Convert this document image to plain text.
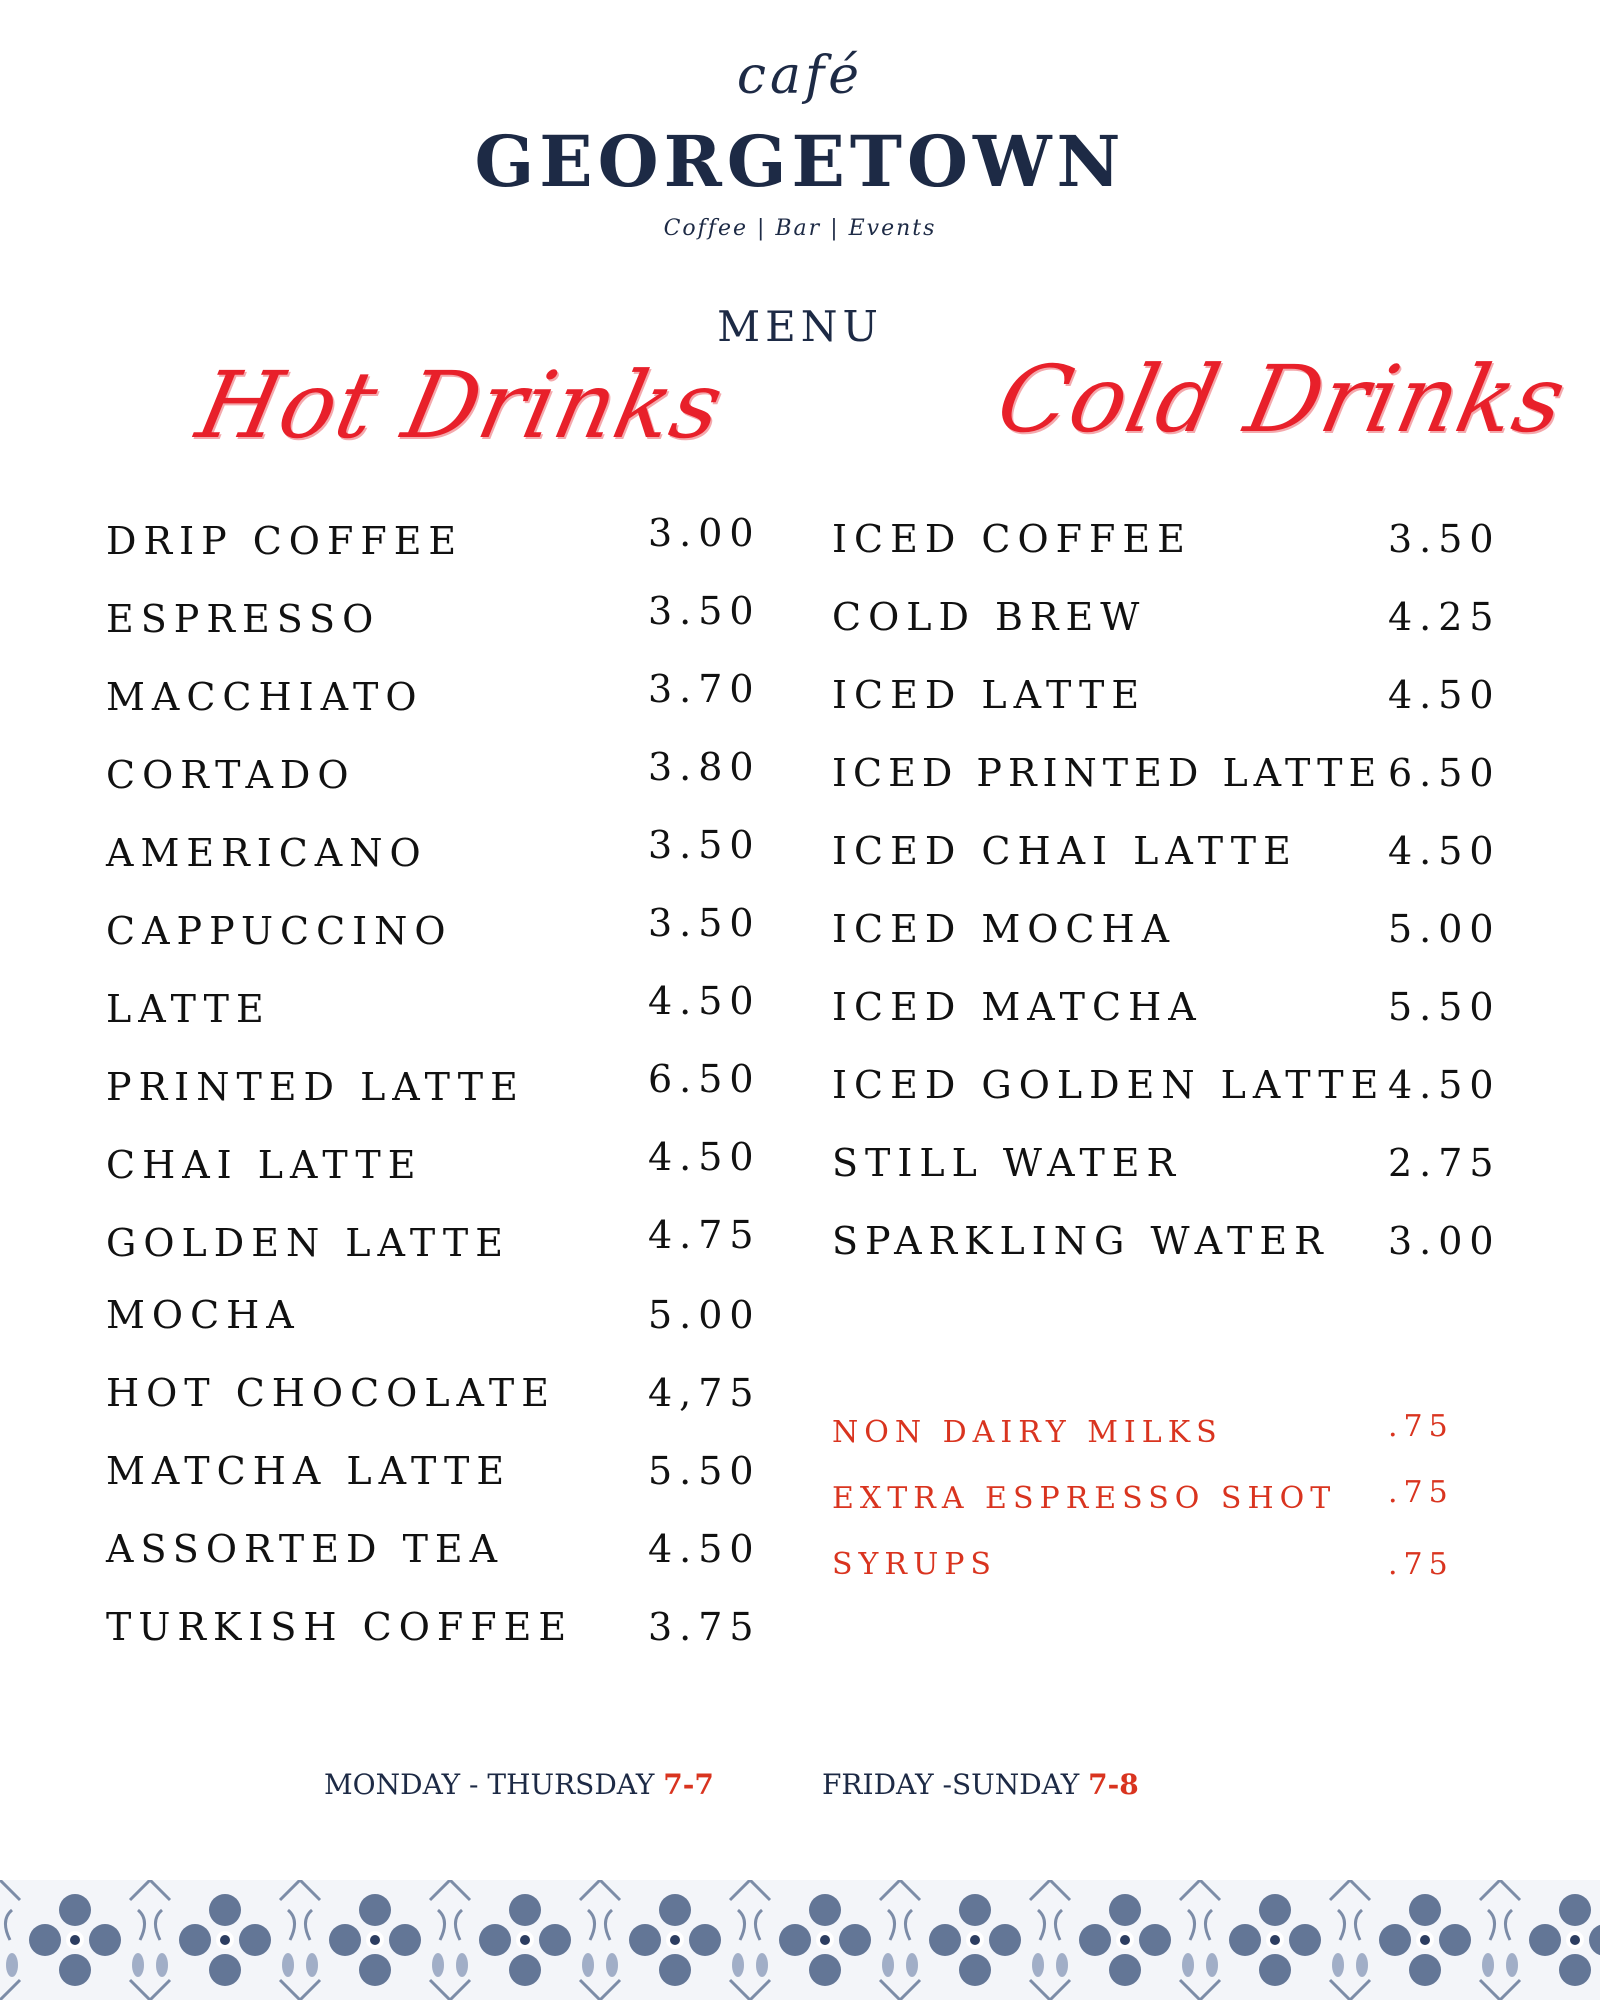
café
GEORGETOWN
Coffee | Bar | Events
MENU
Hot Drinks	Cold Drinks
DRIP COFFEE	3.00
ESPRESSO	3.50
MACCHIATO	3.70
CORTADO	3.80
AMERICANO	3.50
CAPPUCCINO	3.50
LATTE	4.50
PRINTED LATTE	6.50
CHAI LATTE	4.50
GOLDEN LATTE	4.75
MOCHA	5.00
HOT CHOCOLATE 4,75
MATCHA LATTE	5.50
ASSORTED TEA	4.50
TURKISH COFFEE 3.75
ICED COFFEE	3.50
COLD BREW	4.25
ICED LATTE	4.50
ICED PRINTED LATTE 6.50
ICED CHAI LATTE 4.50
ICED MOCHA	5.00
ICED MATCHA	5.50
ICED GOLDEN LATTE 4.50
STILL WATER	2.75
SPARKLING WATER 3.00
NON DAIRY MILKS	.75
EXTRA ESPRESSO SHOT .75
SYRUPS	.75
MONDAY - THURSDAY 7-7	FRIDAY -SUNDAY 7-8
